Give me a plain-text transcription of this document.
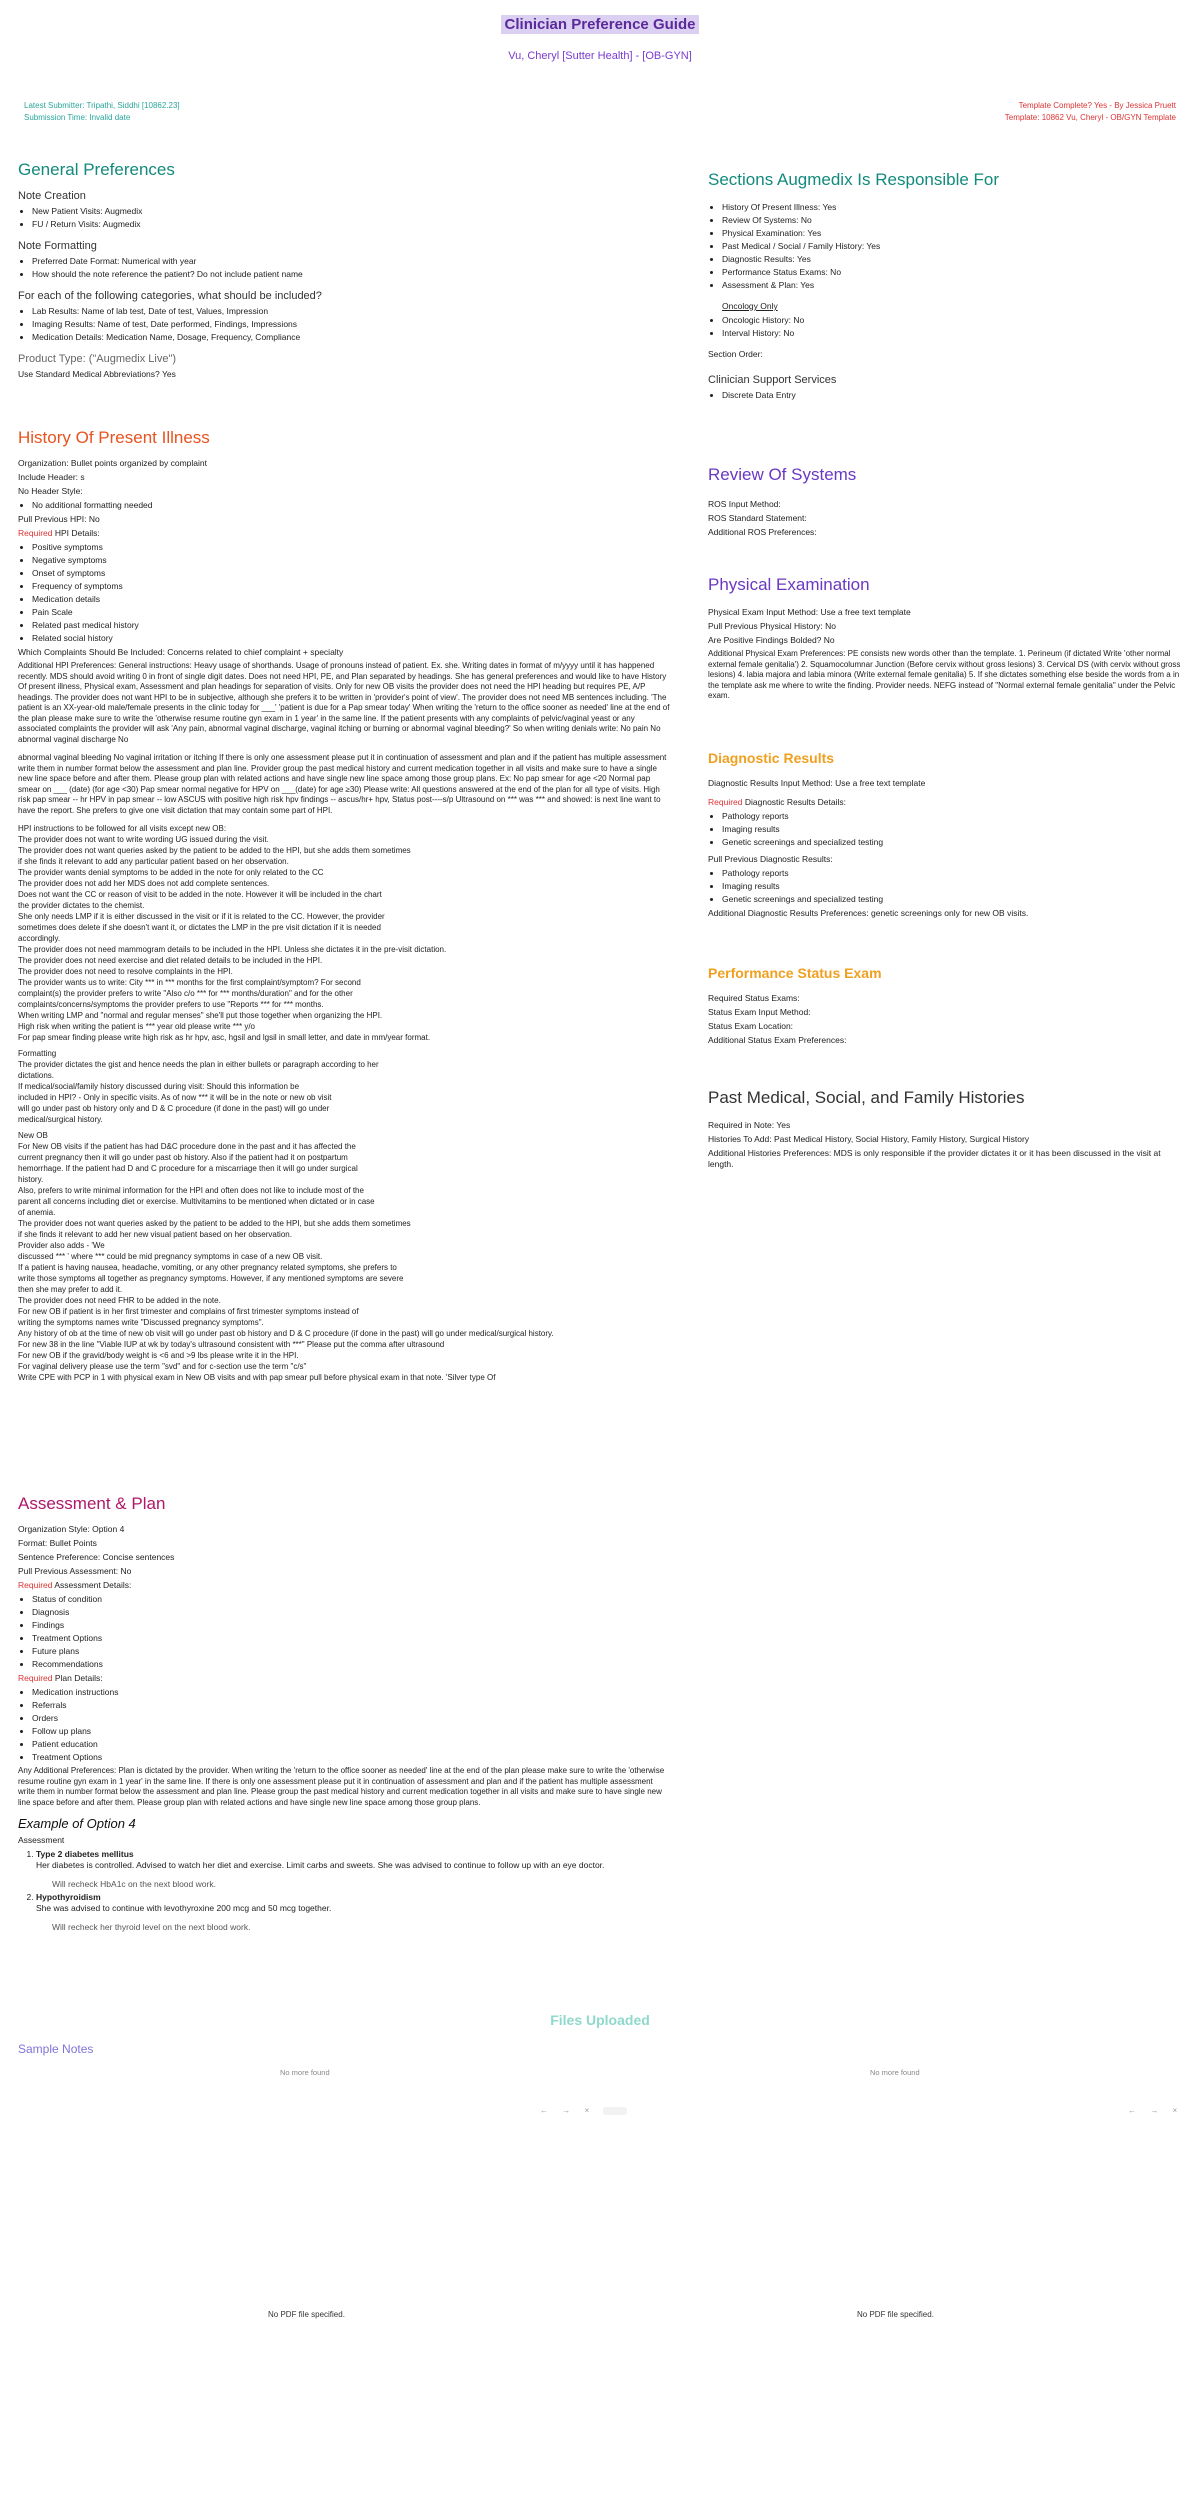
Clinician Preference Guide
Vu, Cheryl [Sutter Health] - [OB-GYN]
Latest Submitter: Tripathi, Siddhi [10862.23]
Submission Time: Invalid date
Template Complete? Yes - By Jessica Pruett
Template: 10862 Vu, Cheryl - OB/GYN Template
General Preferences
Note Creation
• New Patient Visits: Augmedix
• FU / Return Visits: Augmedix
Note Formatting
• Preferred Date Format: Numerical with year
• How should the note reference the patient? Do not include patient name
For each of the following categories, what should be included?
• Lab Results: Name of lab test, Date of test, Values, Impression
• Imaging Results: Name of test, Date performed, Findings, Impressions
• Medication Details: Medication Name, Dosage, Frequency, Compliance
Product Type: ("Augmedix Live")

Use Standard Medical Abbreviations? Yes

History Of Present Illness

Organization: Bullet points organized by complaint

Include Header: s

No Header Style:

• No additional formatting needed

Pull Previous HPI: No

Required HPI Details:

• Positive symptoms
• Negative symptoms
• Onset of symptoms
• Frequency of symptoms
• Medication details
• Pain Scale
• Related past medical history
• Related social history

Which Complaints Should Be Included: Concerns related to chief complaint + specialty

Additional HPI Preferences: General instructions: Heavy usage of shorthands. Usage of pronouns instead of patient. Ex. she. Writing dates in format of m/yyyy until it has happened recently. MDS should avoid writing 0 in front of single digit dates. Does not need HPI, PE, and Plan separated by headings. She has general preferences and would like to have History Of present illness, Physical exam, Assessment and plan headings for separation of visits. Only for new OB visits the provider does not need the HPI heading but requires PE, A/P headings. The provider does not want HPI to be in subjective, although she prefers it to be written in 'provider's point of view'. The provider does not need MB sentences including. 'The patient is an XX-year-old male/female presents in the clinic today for ___' 'patient is due for a Pap smear today' When writing the 'return to the office sooner as needed' line at the end of the plan please make sure to write the 'otherwise resume routine gyn exam in 1 year' in the same line. If the patient presents with any complaints of pelvic/vaginal yeast or any associated complaints the provider will ask 'Any pain, abnormal vaginal discharge, vaginal itching or burning or abnormal vaginal bleeding?' So when writing denials write: No pain No abnormal vaginal discharge No

abnormal vaginal bleeding No vaginal irritation or itching If there is only one assessment please put it in continuation of assessment and plan and if the patient has multiple assessment write them in number format below the assessment and plan line. Provider group the past medical history and current medication together in all visits and make sure to have a single new line space before and after them. Please group plan with related actions and have single new line space among those group plans. Ex: No pap smear for age <20 Normal pap smear on ___ (date) (for age <30) Pap smear normal negative for HPV on ___(date) for age ≥30) Please write: All questions answered at the end of the plan for all type of visits. High risk pap smear -- hr HPV in pap smear -- low ASCUS with positive high risk hpv findings -- ascus/hr+ hpv, Status post----s/p Ultrasound on *** was *** and showed: is next line want to have the report. She prefers to give one visit dictation that may contain some part of HPI.

HPI instructions to be followed for all visits except new OB:

The provider does not want to write wording UG issued during the visit.

The provider does not want queries asked by the patient to be added to the HPI, but she adds them sometimes

if she finds it relevant to add any particular patient based on her observation.

The provider wants denial symptoms to be added in the note for only related to the CC

The provider does not add her MDS does not add complete sentences.

Does not want the CC or reason of visit to be added in the note. However it will be included in the chart

the provider dictates to the chemist.

She only needs LMP if it is either discussed in the visit or if it is related to the CC. However, the provider

sometimes does delete if she doesn't want it, or dictates the LMP in the pre visit dictation if it is needed

accordingly.

The provider does not need mammogram details to be included in the HPI. Unless she dictates it in the pre-visit dictation.

The provider does not need exercise and diet related details to be included in the HPI.

The provider does not need to resolve complaints in the HPI.

The provider wants us to write: City *** in *** months for the first complaint/symptom? For second

complaint(s) the provider prefers to write "Also c/o *** for *** months/duration" and for the other

complaints/concerns/symptoms the provider prefers to use "Reports *** for *** months.

When writing LMP and "normal and regular menses" she'll put those together when organizing the HPI.

High risk when writing the patient is *** year old please write *** y/o

For pap smear finding please write high risk as hr hpv, asc, hgsil and lgsil in small letter, and date in mm/year format.

Formatting

The provider dictates the gist and hence needs the plan in either bullets or paragraph according to her

dictations.

If medical/social/family history discussed during visit: Should this information be

included in HPI? - Only in specific visits. As of now *** it will be in the note or new ob visit

will go under past ob history only and D & C procedure (if done in the past) will go under

medical/surgical history.

New OB

For New OB visits if the patient has had D&C procedure done in the past and it has affected the

current pregnancy then it will go under past ob history. Also if the patient had it on postpartum

hemorrhage. If the patient had D and C procedure for a miscarriage then it will go under surgical

history.

Also, prefers to write minimal information for the HPI and often does not like to include most of the

parent all concerns including diet or exercise. Multivitamins to be mentioned when dictated or in case

of anemia.

The provider does not want queries asked by the patient to be added to the HPI, but she adds them sometimes

if she finds it relevant to add her new visual patient based on her observation.

Provider also adds - 'We

discussed *** ' where *** could be mid pregnancy symptoms in case of a new OB visit.

If a patient is having nausea, headache, vomiting, or any other pregnancy related symptoms, she prefers to

write those symptoms all together as pregnancy symptoms. However, if any mentioned symptoms are severe

then she may prefer to add it.

The provider does not need FHR to be added in the note.

For new OB if patient is in her first trimester and complains of first trimester symptoms instead of

writing the symptoms names write "Discussed pregnancy symptoms".

Any history of ob at the time of new ob visit will go under past ob history and D & C procedure (if done in the past) will go under medical/surgical history.

For new 38 in the line "Viable IUP at wk by today's ultrasound consistent with ***" Please put the comma after ultrasound

For new OB if the gravid/body weight is <6 and >9 lbs please write it in the HPI.

For vaginal delivery please use the term "svd" and for c-section use the term "c/s"

Write CPE with PCP in 1 with physical exam in New OB visits and with pap smear pull before physical exam in that note. 'Silver type Of

Assessment & Plan

Organization Style: Option 4

Format: Bullet Points

Sentence Preference: Concise sentences

Pull Previous Assessment: No

Required Assessment Details:

• Status of condition
• Diagnosis
• Findings
• Treatment Options
• Future plans
• Recommendations

Required Plan Details:

• Medication instructions
• Referrals
• Orders
• Follow up plans
• Patient education
• Treatment Options

Any Additional Preferences: Plan is dictated by the provider. When writing the 'return to the office sooner as needed' line at the end of the plan please make sure to write the 'otherwise resume routine gyn exam in 1 year' in the same line. If there is only one assessment please put it in continuation of assessment and plan and if the patient has multiple assessment write them in number format below the assessment and plan line. Please group the past medical history and current medication together in all visits and make sure to have single new line space before and after them. Please group plan with related actions and have single new line space among those group plans.

Example of Option 4

Assessment

1. Type 2 diabetes mellitus
Her diabetes is controlled. Advised to watch her diet and exercise. Limit carbs and sweets. She was advised to continue to follow up with an eye doctor.
Will recheck HbA1c on the next blood work.
2. Hypothyroidism
She was advised to continue with levothyroxine 200 mcg and 50 mcg together.
Will recheck her thyroid level on the next blood work.
Sections Augmedix Is Responsible For
• History Of Present Illness: Yes
• Review Of Systems: No
• Physical Examination: Yes
• Past Medical / Social / Family History: Yes
• Diagnostic Results: Yes
• Performance Status Exams: No
• Assessment & Plan: Yes

Oncology Only

• Oncologic History: No
• Interval History: No

Section Order:

Clinician Support Services
• Discrete Data Entry
Review Of Systems

ROS Input Method:

ROS Standard Statement:

Additional ROS Preferences:

Physical Examination

Physical Exam Input Method: Use a free text template

Pull Previous Physical History: No

Are Positive Findings Bolded? No

Additional Physical Exam Preferences: PE consists new words other than the template. 1. Perineum (if dictated Write 'other normal external female genitalia') 2. Squamocolumnar Junction (Before cervix without gross lesions) 3. Cervical DS (with cervix without gross lesions) 4. labia majora and labia minora (Write external female genitalia) 5. If she dictates something else beside the words from a in the template ask me where to write the finding. Provider needs. NEFG instead of "Normal external female genitalia" under the Pelvic exam.

Diagnostic Results

Diagnostic Results Input Method: Use a free text template

Required Diagnostic Results Details:

• Pathology reports
• Imaging results
• Genetic screenings and specialized testing

Pull Previous Diagnostic Results:

• Pathology reports
• Imaging results
• Genetic screenings and specialized testing

Additional Diagnostic Results Preferences: genetic screenings only for new OB visits.

Performance Status Exam

Required Status Exams:

Status Exam Input Method:

Status Exam Location:

Additional Status Exam Preferences:

Past Medical, Social, and Family Histories

Required in Note: Yes

Histories To Add: Past Medical History, Social History, Family History, Surgical History

Additional Histories Preferences: MDS is only responsible if the provider dictates it or it has been discussed in the visit at length.

Files Uploaded
Sample Notes
No more found	No more found
← → ×	← → ×
No PDF file specified.	No PDF file specified.
